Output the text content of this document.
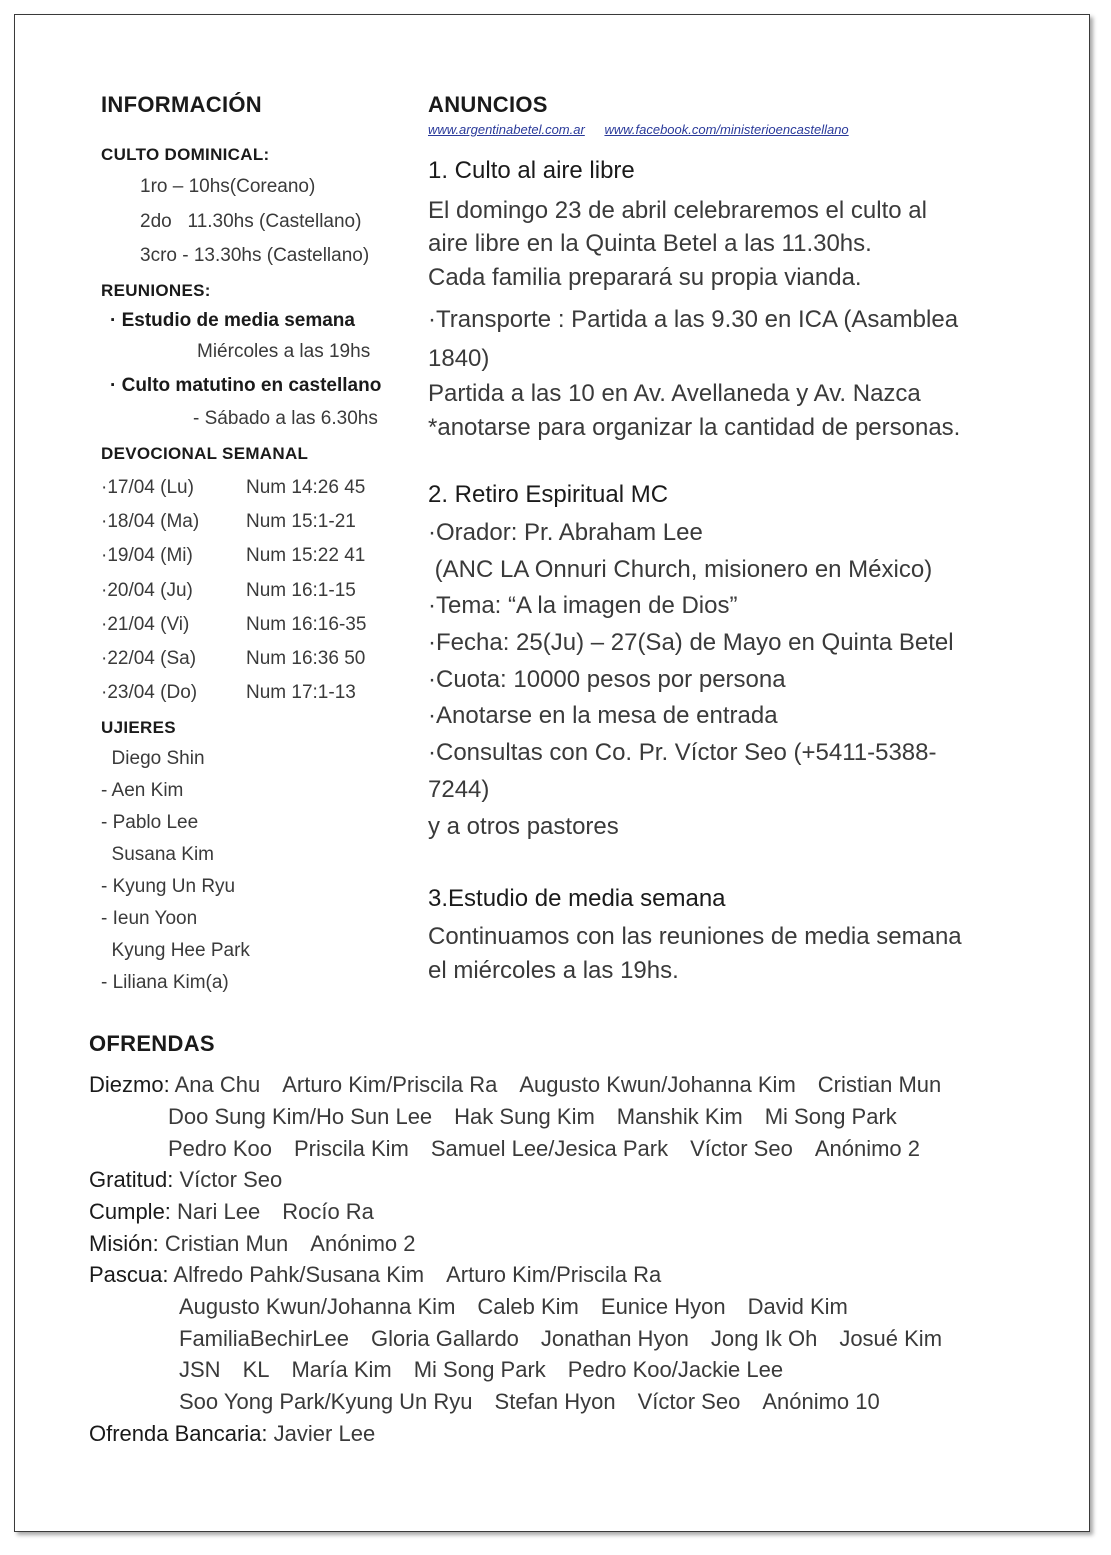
INFORMACIÓN
CULTO DOMINICAL:
1ro – 10hs(Coreano)
2do   11.30hs (Castellano)
3cro - 13.30hs (Castellano)
REUNIONES:
· Estudio de media semana
Miércoles a las 19hs
· Culto matutino en castellano
- Sábado a las 6.30hs
DEVOCIONAL SEMANAL
·17/04 (Lu)	Num 14:26 45
·18/04 (Ma) Num 15:1-21
·19/04 (Mi)	Num 15:22 41
·20/04 (Ju)	Num 16:1-15
·21/04 (Vi)	Num 16:16-35
·22/04 (Sa)	Num 16:36 50
·23/04 (Do)	Num 17:1-13
UJIERES
Diego Shin
- Aen Kim
- Pablo Lee
Susana Kim
- Kyung Un Ryu
- Ieun Yoon
Kyung Hee Park
- Liliana Kim(a)
ANUNCIOS
www.argentinabetel.com.ar www.facebook.com/ministerioencastellano
1. Culto al aire libre
El domingo 23 de abril celebraremos el culto al
aire libre en la Quinta Betel a las 11.30hs.
Cada familia preparará su propia vianda.
·Transporte : Partida a las 9.30 en ICA (Asamblea
1840)
Partida a las 10 en Av. Avellaneda y Av. Nazca
*anotarse para organizar la cantidad de personas.
2. Retiro Espiritual MC
·Orador: Pr. Abraham Lee
(ANC LA Onnuri Church, misionero en México)
·Tema: “A la imagen de Dios”
·Fecha: 25(Ju) – 27(Sa) de Mayo en Quinta Betel
·Cuota: 10000 pesos por persona
·Anotarse en la mesa de entrada
·Consultas con Co. Pr. Víctor Seo (+5411-5388-
7244)
y a otros pastores
3.Estudio de media semana
Continuamos con las reuniones de media semana
el miércoles a las 19hs.
OFRENDAS
Diezmo: Ana Chu Arturo Kim/Priscila Ra Augusto Kwun/Johanna Kim Cristian Mun
Doo Sung Kim/Ho Sun Lee Hak Sung Kim Manshik Kim Mi Song Park
Pedro Koo Priscila Kim Samuel Lee/Jesica Park Víctor Seo Anónimo 2
Gratitud: Víctor Seo
Cumple: Nari Lee Rocío Ra
Misión: Cristian Mun Anónimo 2
Pascua: Alfredo Pahk/Susana Kim Arturo Kim/Priscila Ra
Augusto Kwun/Johanna Kim Caleb Kim Eunice Hyon David Kim
FamiliaBechirLee Gloria Gallardo Jonathan Hyon Jong Ik Oh Josué Kim
JSN KL María Kim Mi Song Park Pedro Koo/Jackie Lee
Soo Yong Park/Kyung Un Ryu Stefan Hyon Víctor Seo Anónimo 10
Ofrenda Bancaria: Javier Lee
